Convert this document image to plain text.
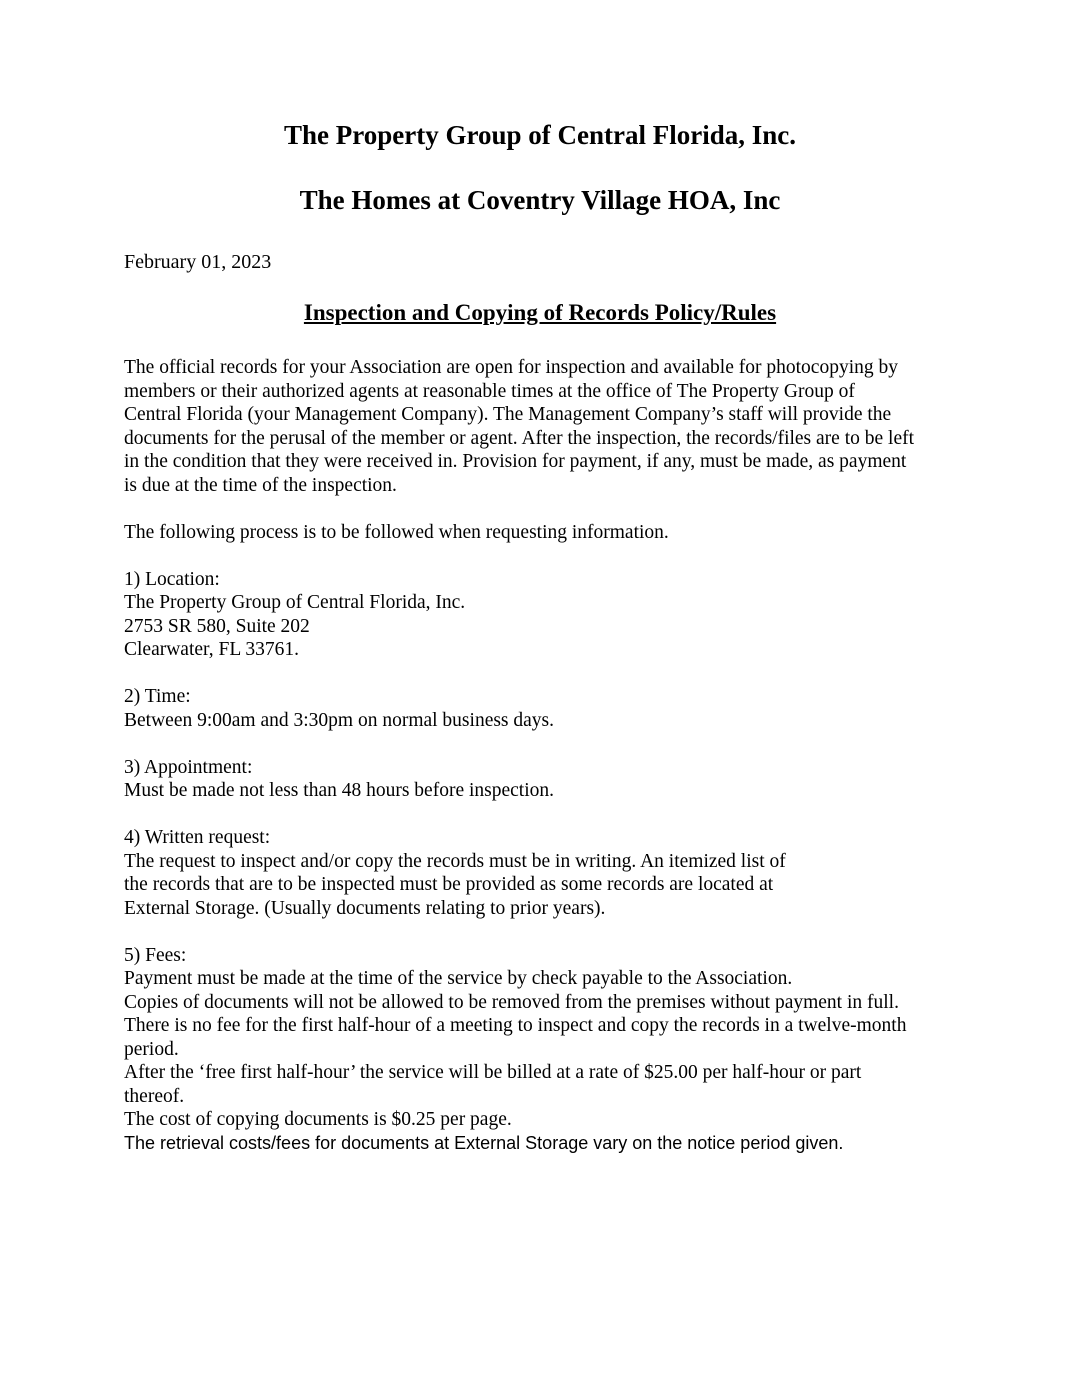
The Property Group of Central Florida, Inc.
The Homes at Coventry Village HOA, Inc

February 01, 2023

Inspection and Copying of Records Policy/Rules

The official records for your Association are open for inspection and available for photocopying by
members or their authorized agents at reasonable times at the office of The Property Group of
Central Florida (your Management Company). The Management Company’s staff will provide the
documents for the perusal of the member or agent. After the inspection, the records/files are to be left
in the condition that they were received in. Provision for payment, if any, must be made, as payment
is due at the time of the inspection.

The following process is to be followed when requesting information.

1) Location:
The Property Group of Central Florida, Inc.
2753 SR 580, Suite 202
Clearwater, FL 33761.

2) Time:
Between 9:00am and 3:30pm on normal business days.

3) Appointment:
Must be made not less than 48 hours before inspection.

4) Written request:
The request to inspect and/or copy the records must be in writing. An itemized list of
the records that are to be inspected must be provided as some records are located at
External Storage. (Usually documents relating to prior years).

5) Fees:
Payment must be made at the time of the service by check payable to the Association.
Copies of documents will not be allowed to be removed from the premises without payment in full.
There is no fee for the first half-hour of a meeting to inspect and copy the records in a twelve-month
period.
After the ‘free first half-hour’ the service will be billed at a rate of $25.00 per half-hour or part
thereof.
The cost of copying documents is $0.25 per page.
The retrieval costs/fees for documents at External Storage vary on the notice period given.
